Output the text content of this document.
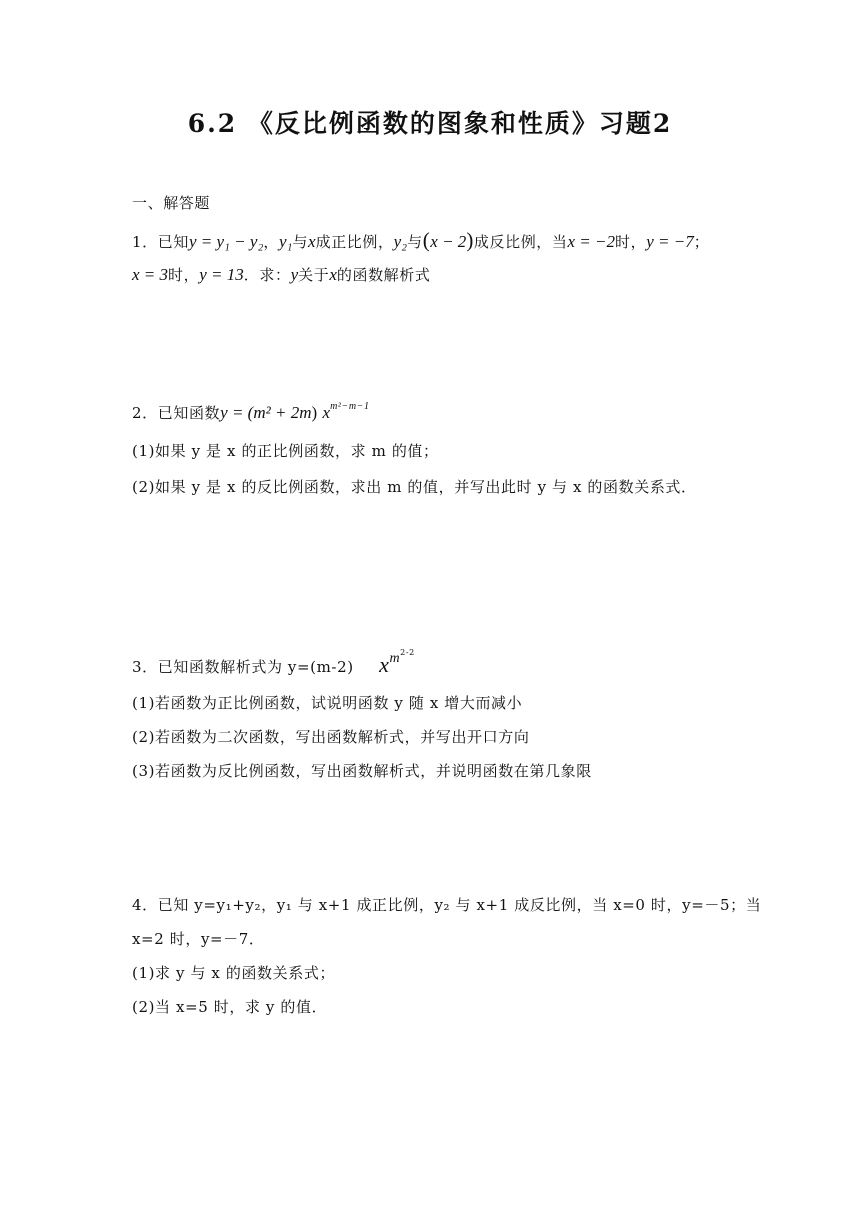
6.2 《反比例函数的图象和性质》习题2
一、解答题
1．已知y = y₁ − y₂，y₁与x成正比例，y₂与(x − 2)成反比例，当x = −2时，y = −7；
x = 3时，y = 13．求：y关于x的函数解析式
2．已知函数y = (m² + 2m) $x^{m^2-m-1}$
(1)如果 y 是 x 的正比例函数，求 m 的值；
(2)如果 y 是 x 的反比例函数，求出 m 的值，并写出此时 y 与 x 的函数关系式．
3．已知函数解析式为 y=(m-2) $xm^{2-2}$
(1)若函数为正比例函数，试说明函数 y 随 x 增大而减小
(2)若函数为二次函数，写出函数解析式，并写出开口方向
(3)若函数为反比例函数，写出函数解析式，并说明函数在第几象限
4．已知 y=y₁+y₂，y₁ 与 x+1 成正比例，y₂ 与 x+1 成反比例，当 x=0 时，y=－5；当
x=2 时，y=－7．
(1)求 y 与 x 的函数关系式；
(2)当 x=5 时，求 y 的值．
